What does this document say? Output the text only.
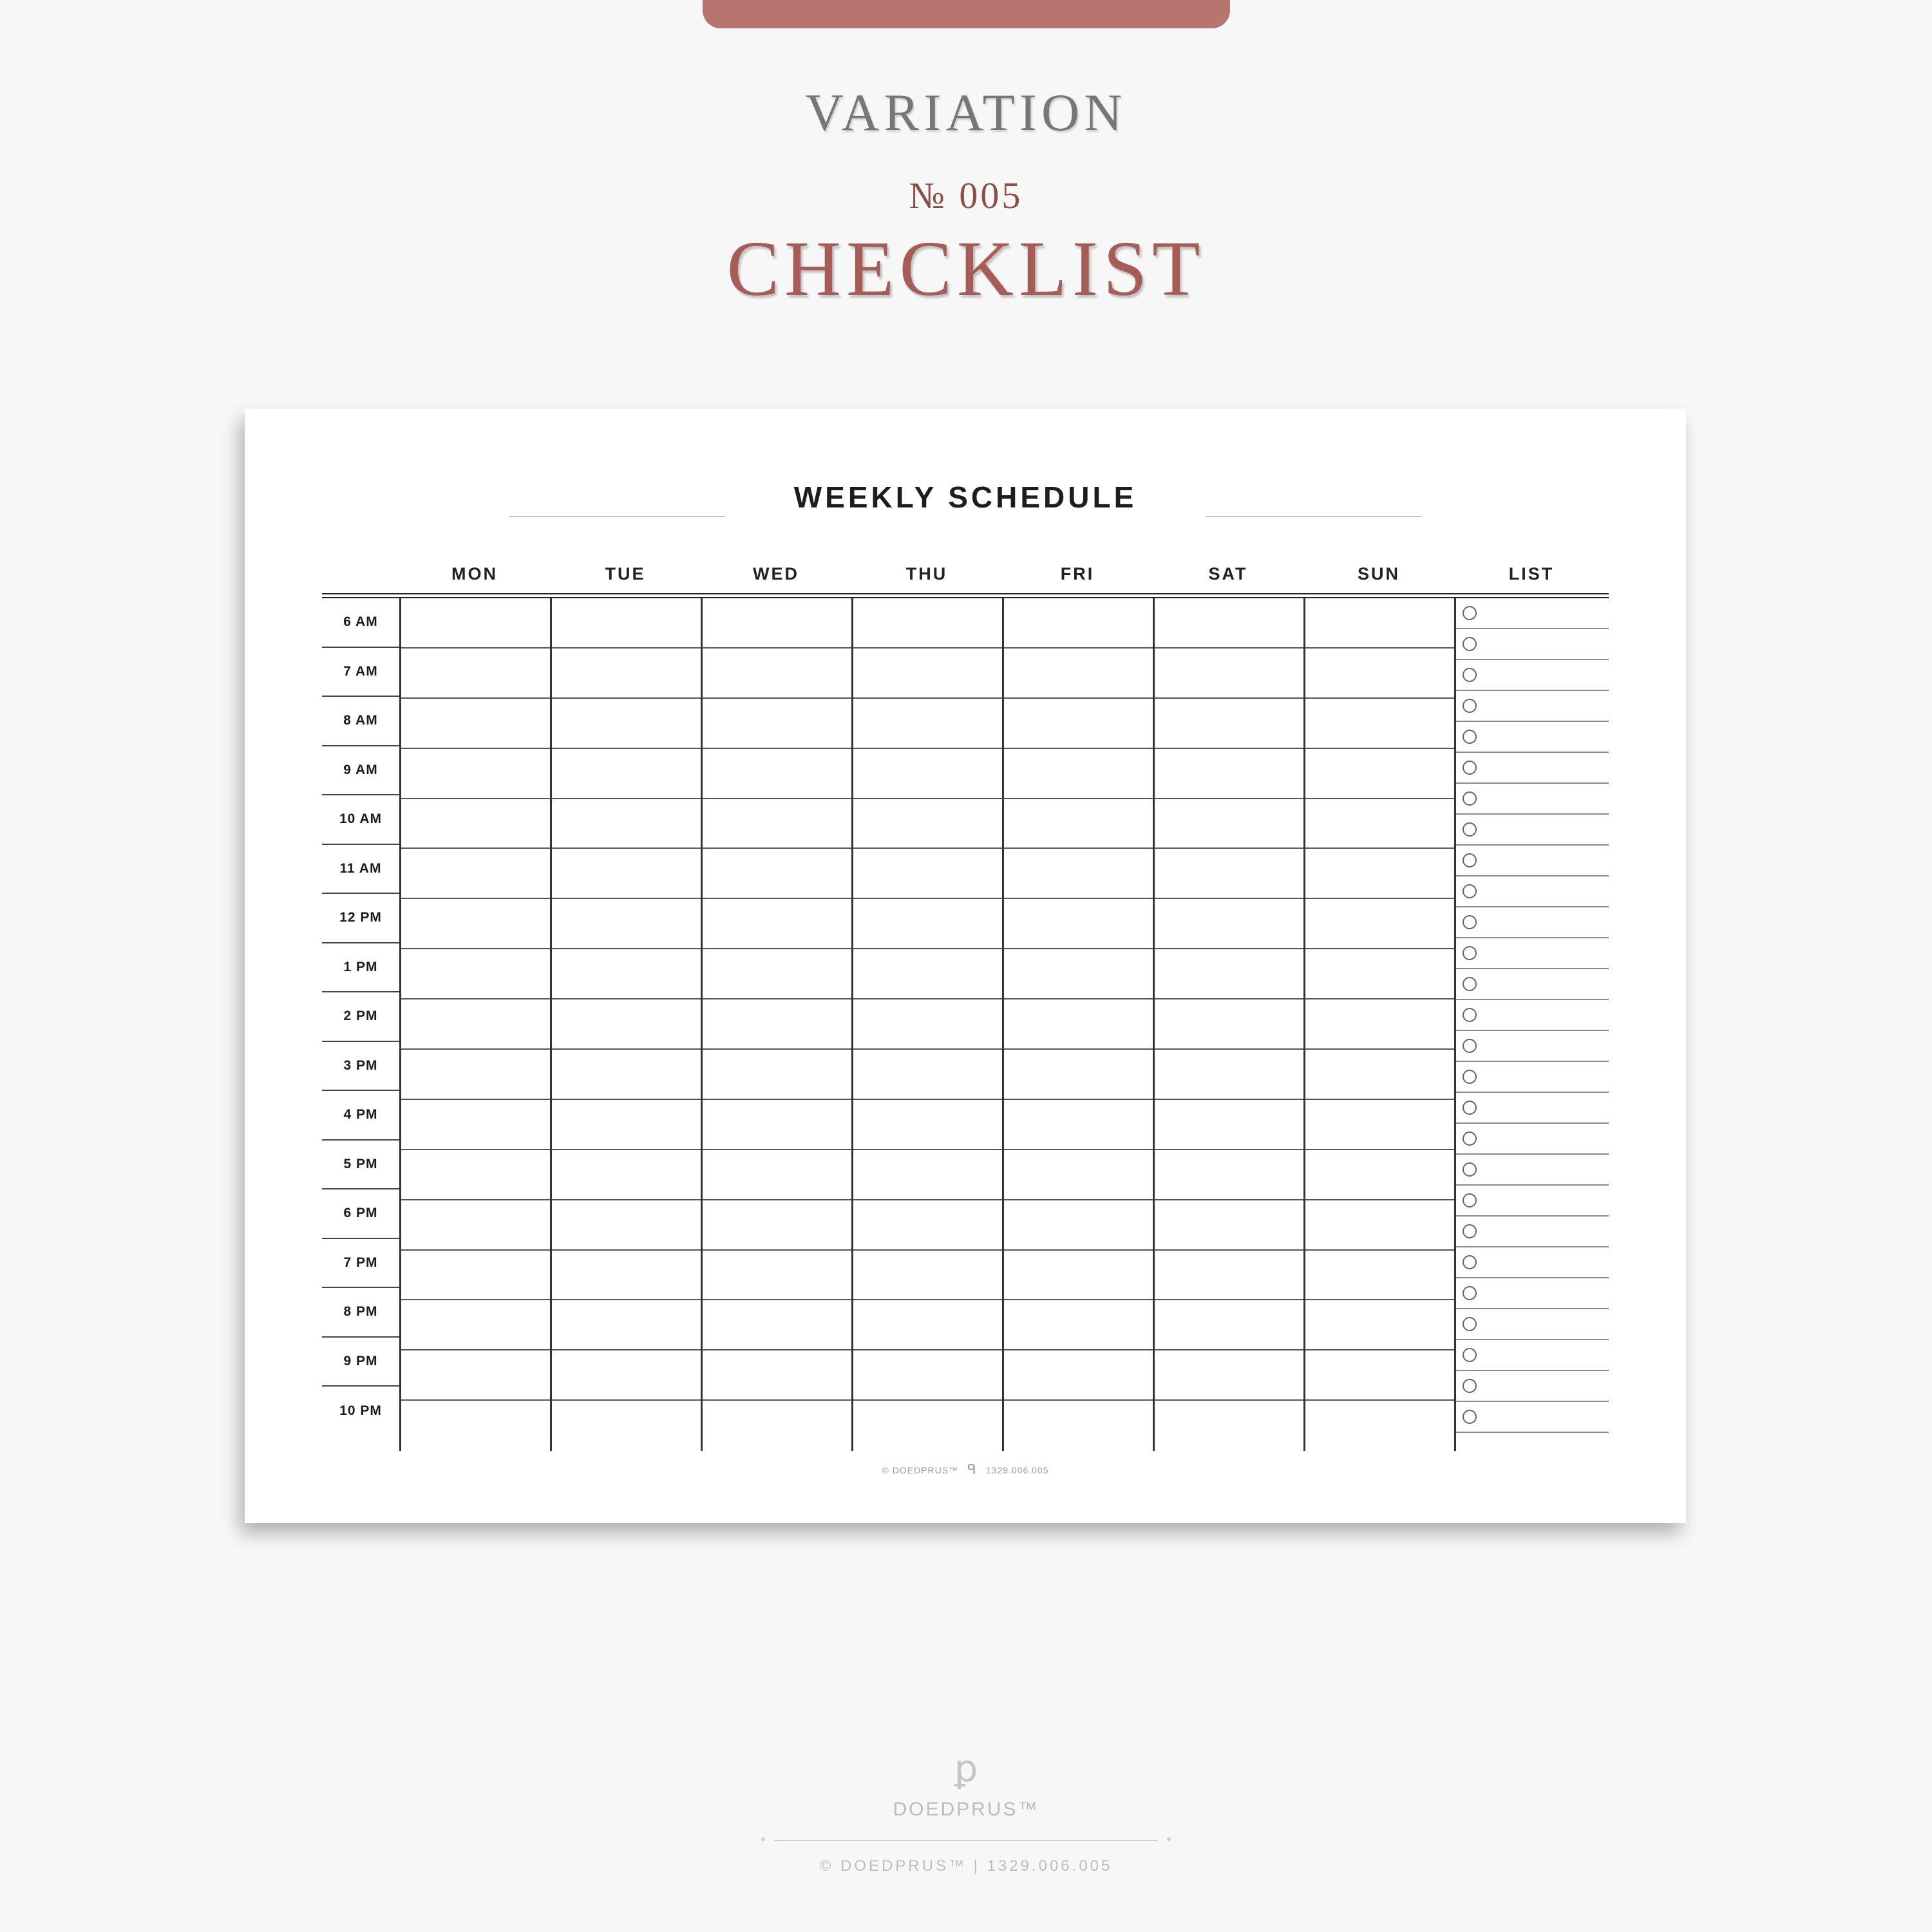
VARIATION
№ 005
CHECKLIST
WEEKLY SCHEDULE
MON	TUE	WED	THU	FRI	SAT	SUN	LIST
6 AM
7 AM
8 AM
9 AM
10 AM
11 AM
12 PM
1 PM
2 PM
3 PM
4 PM
5 PM
6 PM
7 PM
8 PM
9 PM
10 PM
© DOEDPRUS™ ᑫ 1329.006.005
ꝑ
DOEDPRUS™
© DOEDPRUS™ | 1329.006.005
